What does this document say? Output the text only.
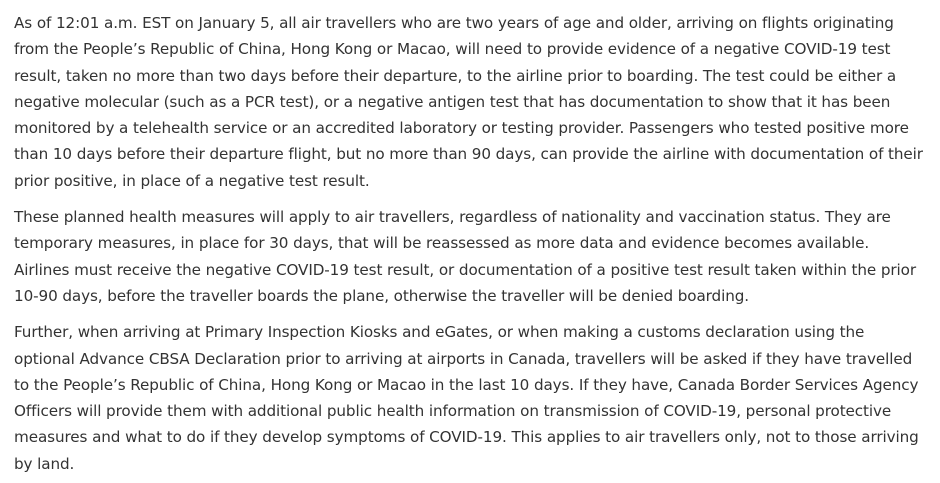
As of 12:01 a.m. EST on January 5, all air travellers who are two years of age and older, arriving on flights originating from the People’s Republic of China, Hong Kong or Macao, will need to provide evidence of a negative COVID-19 test result, taken no more than two days before their departure, to the airline prior to boarding. The test could be either a negative molecular (such as a PCR test), or a negative antigen test that has documentation to show that it has been monitored by a telehealth service or an accredited laboratory or testing provider. Passengers who tested positive more than 10 days before their departure flight, but no more than 90 days, can provide the airline with documentation of their prior positive, in place of a negative test result.

These planned health measures will apply to air travellers, regardless of nationality and vaccination status. They are temporary measures, in place for 30 days, that will be reassessed as more data and evidence becomes available. Airlines must receive the negative COVID-19 test result, or documentation of a positive test result taken within the prior 10-90 days, before the traveller boards the plane, otherwise the traveller will be denied boarding.

Further, when arriving at Primary Inspection Kiosks and eGates, or when making a customs declaration using the optional Advance CBSA Declaration prior to arriving at airports in Canada, travellers will be asked if they have travelled to the People’s Republic of China, Hong Kong or Macao in the last 10 days. If they have, Canada Border Services Agency Officers will provide them with additional public health information on transmission of COVID-19, personal protective measures and what to do if they develop symptoms of COVID-19. This applies to air travellers only, not to those arriving by land.
